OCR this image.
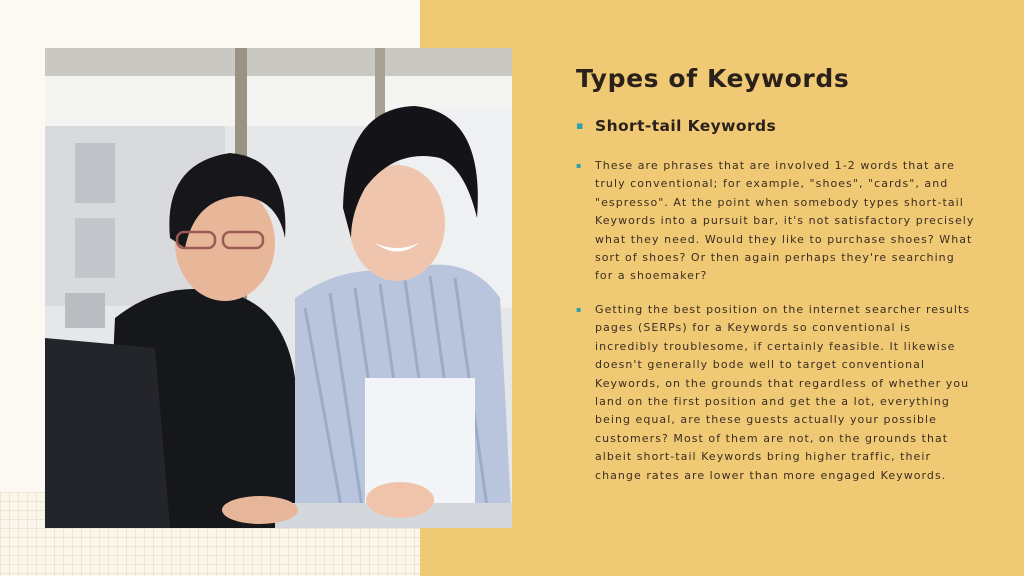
Types of Keywords
▪ Short-tail Keywords
▪	These are phrases that are involved 1-2 words that are truly conventional; for example, "shoes", "cards", and "espresso". At the point when somebody types short-tail Keywords into a pursuit bar, it's not satisfactory precisely what they need. Would they like to purchase shoes? What sort of shoes? Or then again perhaps they're searching for a shoemaker?
▪	Getting the best position on the internet searcher results pages (SERPs) for a Keywords so conventional is incredibly troublesome, if certainly feasible. It likewise doesn't generally bode well to target conventional Keywords, on the grounds that regardless of whether you land on the first position and get the a lot, everything being equal, are these guests actually your possible customers? Most of them are not, on the grounds that albeit short-tail Keywords bring higher traffic, their change rates are lower than more engaged Keywords.
